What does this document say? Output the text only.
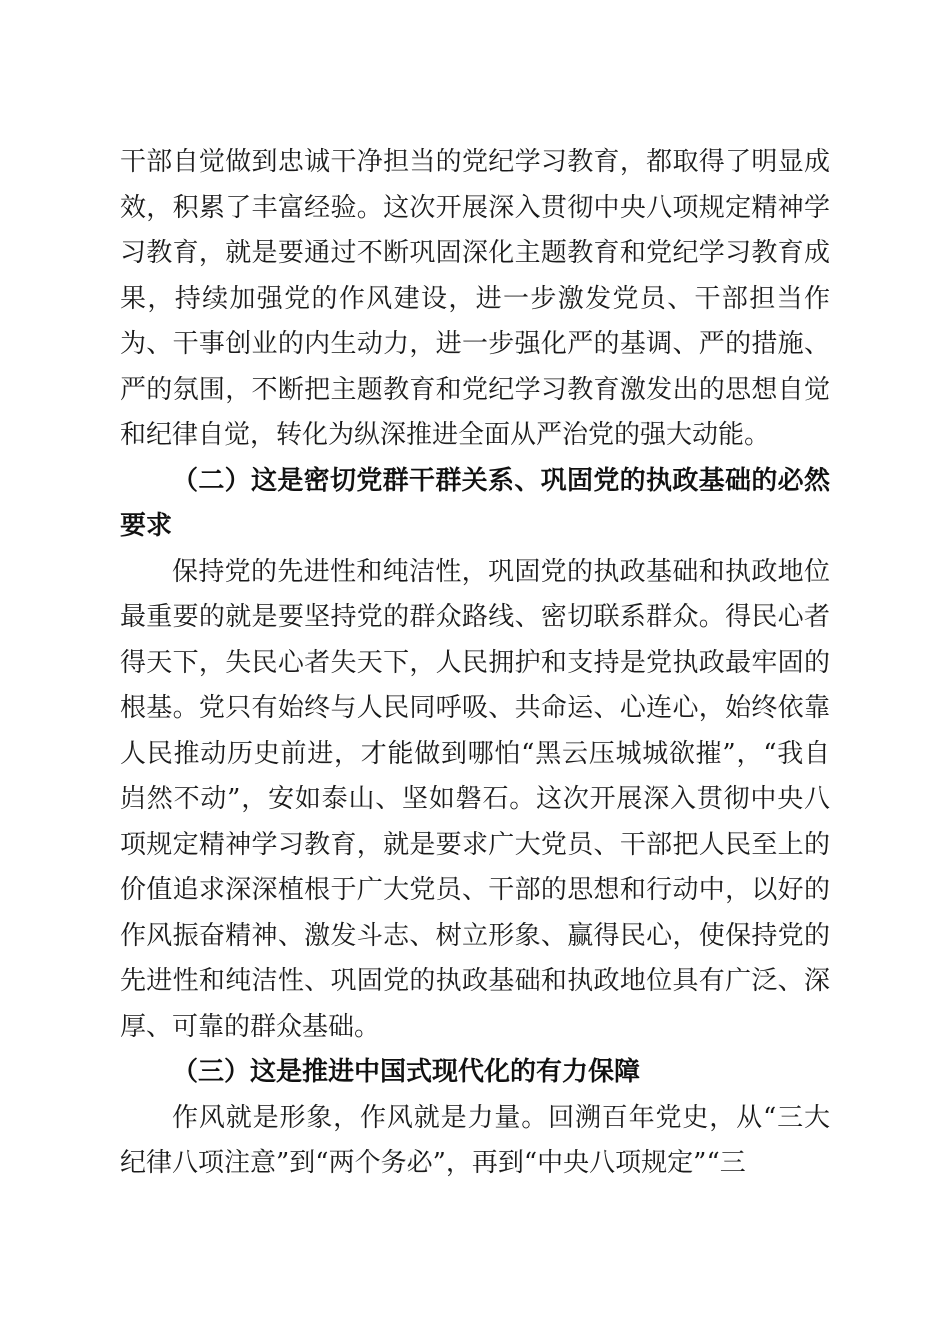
干部自觉做到忠诚干净担当的党纪学习教育，都取得了明显成效，积累了丰富经验。这次开展深入贯彻中央八项规定精神学习教育，就是要通过不断巩固深化主题教育和党纪学习教育成果，持续加强党的作风建设，进一步激发党员、干部担当作为、干事创业的内生动力，进一步强化严的基调、严的措施、严的氛围，不断把主题教育和党纪学习教育激发出的思想自觉和纪律自觉，转化为纵深推进全面从严治党的强大动能。

（二）这是密切党群干群关系、巩固党的执政基础的必然要求

保持党的先进性和纯洁性，巩固党的执政基础和执政地位最重要的就是要坚持党的群众路线、密切联系群众。得民心者得天下，失民心者失天下，人民拥护和支持是党执政最牢固的根基。党只有始终与人民同呼吸、共命运、心连心，始终依靠人民推动历史前进，才能做到哪怕“黑云压城城欲摧”，“我自岿然不动”，安如泰山、坚如磐石。这次开展深入贯彻中央八项规定精神学习教育，就是要求广大党员、干部把人民至上的价值追求深深植根于广大党员、干部的思想和行动中，以好的作风振奋精神、激发斗志、树立形象、赢得民心，使保持党的先进性和纯洁性、巩固党的执政基础和执政地位具有广泛、深厚、可靠的群众基础。

（三）这是推进中国式现代化的有力保障

作风就是形象，作风就是力量。回溯百年党史，从“三大纪律八项注意”到“两个务必”，再到“中央八项规定”“三
